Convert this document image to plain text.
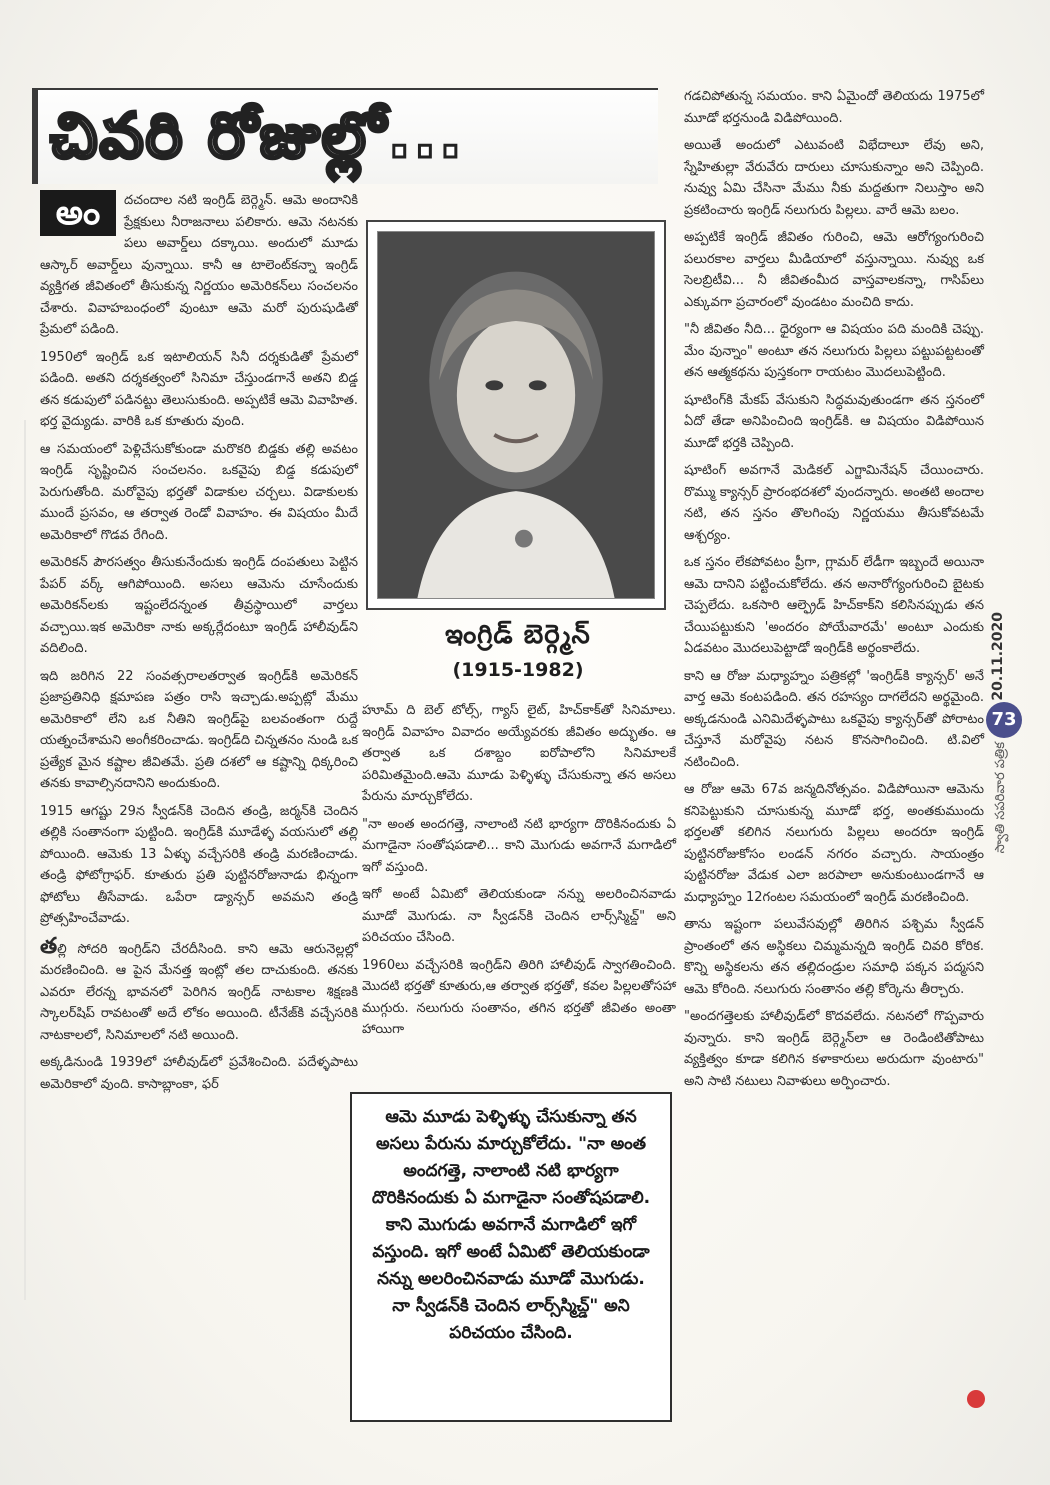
చివరి రోజుల్లో...

అం	దచందాల నటి ఇంగ్రిడ్ బెర్గ్మెన్. ఆమె అందానికి ప్రేక్షకులు నీరాజనాలు పలికారు. ఆమె నటనకు పలు అవార్డ్‌లు దక్కాయి. అందులో మూడు ఆస్కార్ అవార్డ్‌లు వున్నాయి. కానీ ఆ టాలెంట్‌కన్నా ఇంగ్రిడ్ వ్యక్తిగత జీవితంలో తీసుకున్న నిర్ణయం అమెరికన్‌లు సంచలనం చేశారు. వివాహబంధంలో వుంటూ ఆమె మరో పురుషుడితో ప్రేమలో పడింది.

1950లో ఇంగ్రిడ్ ఒక ఇటాలియన్ సినీ దర్శకుడితో ప్రేమలో పడింది. అతని దర్శకత్వంలో సినిమా చేస్తుండగానే అతని బిడ్డ తన కడుపులో పడినట్టు తెలుసుకుంది. అప్పటికే ఆమె వివాహిత. భర్త వైద్యుడు. వారికి ఒక కూతురు వుంది.

ఆ సమయంలో పెళ్లిచేసుకోకుండా మరొకరి బిడ్డకు తల్లి అవటం ఇంగ్రిడ్ సృష్టించిన సంచలనం. ఒకవైపు బిడ్డ కడుపులో పెరుగుతోంది. మరోవైపు భర్తతో విడాకుల చర్చలు. విడాకులకు ముందే ప్రసవం, ఆ తర్వాత రెండో వివాహం. ఈ విషయం మీదే అమెరికాలో గొడవ రేగింది.

అమెరికన్ పౌరసత్వం తీసుకునేందుకు ఇంగ్రిడ్ దంపతులు పెట్టిన పేపర్ వర్క్ ఆగిపోయింది. అసలు ఆమెను చూసేందుకు అమెరికన్‌లకు ఇష్టంలేదన్నంత తీవ్రస్థాయిలో వార్తలు వచ్చాయి.ఇక అమెరికా నాకు అక్కర్లేదంటూ ఇంగ్రిడ్ హాలీవుడ్‌ని వదిలింది.

ఇది జరిగిన 22 సంవత్సరాలతర్వాత ఇంగ్రిడ్‌కి అమెరికన్ ప్రజాప్రతినిధి క్షమాపణ పత్రం రాసి ఇచ్చాడు.అప్పట్లో మేము అమెరికాలో లేని ఒక నీతిని ఇంగ్రిడ్‌పై బలవంతంగా రుద్దే యత్నంచేశామని అంగీకరించాడు. ఇంగ్రిడ్‌ది చిన్నతనం నుండి ఒక ప్రత్యేక మైన కష్టాల జీవితమే. ప్రతి దశలో ఆ కష్టాన్ని ధిక్కరించి తనకు కావాల్సినదానిని అందుకుంది.

1915 ఆగష్టు 29న స్వీడన్‌కి చెందిన తండ్రి, జర్మన్‌కి చెందిన తల్లికి సంతానంగా పుట్టింది. ఇంగ్రిడ్‌కి మూడేళ్ళ వయసులో తల్లి పోయింది. ఆమెకు 13 ఏళ్ళు వచ్చేసరికి తండ్రి మరణించాడు. తండ్రి ఫోటోగ్రాఫర్. కూతురు ప్రతి పుట్టినరోజునాడు భిన్నంగా ఫోటోలు తీసేవాడు. ఒపేరా డ్యాన్సర్ అవమని తండ్రి ప్రోత్సహించేవాడు.

తల్లి సోదరి ఇంగ్రిడ్‌ని చేరదీసింది. కాని ఆమె ఆరునెల్లల్లో మరణించింది. ఆ పైన మేనత్త ఇంట్లో తల దాచుకుంది. తనకు ఎవరూ లేరన్న భావనలో పెరిగిన ఇంగ్రిడ్ నాటకాల శిక్షణకి స్కాలర్‌షిప్ రావటంతో అదే లోకం అయింది. టీనేజ్‌కి వచ్చేసరికి నాటకాలలో, సినిమాలలో నటి అయింది.

అక్కడినుండి 1939లో హాలీవుడ్‌లో ప్రవేశించింది. పదేళ్ళపాటు అమెరికాలో వుంది. కాసాబ్లాంకా, ఫర్

ఇంగ్రిడ్ బెర్గ్మెన్
(1915-1982)

హూమ్ ది బెల్ టోల్స్, గ్యాస్ లైట్, హిచ్‌కాక్‌తో సినిమాలు. ఇంగ్రిడ్ వివాహం వివాదం అయ్యేవరకు జీవితం అద్భుతం. ఆ తర్వాత ఒక దశాబ్దం ఐరోపాలోని సినిమాలకే పరిమితమైంది.ఆమె మూడు పెళ్ళిళ్ళు చేసుకున్నా తన అసలు పేరును మార్చుకోలేదు.

"నా అంత అందగత్తె, నాలాంటి నటి భార్యగా దొరికినందుకు ఏ మగాడైనా సంతోషపడాలి... కాని మొగుడు అవగానే మగాడిలో ఇగో వస్తుంది.

ఇగో అంటే ఏమిటో తెలియకుండా నన్ను అలరించినవాడు మూడో మొగుడు. నా స్వీడన్‌కి చెందిన లార్స్‌స్మిచ్డ్" అని పరిచయం చేసింది.

1960లు వచ్చేసరికి ఇంగ్రిడ్‌ని తిరిగి హాలీవుడ్ స్వాగతించింది. మొదటి భర్తతో కూతురు,ఆ తర్వాత భర్తతో, కవల పిల్లలతోసహా ముగ్గురు. నలుగురు సంతానం, తగిన భర్తతో జీవితం అంతా హాయిగా

ఆమె మూడు పెళ్ళిళ్ళు చేసుకున్నా తన అసలు పేరును మార్చుకోలేదు. "నా అంత అందగత్తె, నాలాంటి నటి భార్యగా దొరికినందుకు ఏ మగాడైనా సంతోషపడాలి. కాని మొగుడు అవగానే మగాడిలో ఇగో వస్తుంది. ఇగో అంటే ఏమిటో తెలియకుండా నన్ను అలరించినవాడు మూడో మొగుడు. నా స్వీడన్‌కి చెందిన లార్స్‌స్మిచ్డ్" అని పరిచయం చేసింది.

గడచిపోతున్న సమయం. కాని ఏమైందో తెలియదు 1975లో మూడో భర్తనుండి విడిపోయింది.

అయితే అందులో ఎటువంటి విభేదాలూ లేవు అని, స్నేహితుల్లా వేరువేరు దారులు చూసుకున్నాం అని చెప్పింది. నువ్వు ఏమి చేసినా మేము నీకు మద్దతుగా నిలుస్తాం అని ప్రకటించారు ఇంగ్రిడ్ నలుగురు పిల్లలు. వారే ఆమె బలం.

అప్పటికే ఇంగ్రిడ్ జీవితం గురించి, ఆమె ఆరోగ్యంగురించి పలురకాల వార్తలు మీడియాలో వస్తున్నాయి. నువ్వు ఒక సెలబ్రిటీవి... నీ జీవితంమీద వాస్తవాలకన్నా, గాసిప్‌లు ఎక్కువగా ప్రచారంలో వుండటం మంచిది కాదు.

"నీ జీవితం నీది... ధైర్యంగా ఆ విషయం పది మందికి చెప్పు. మేం వున్నాం" అంటూ తన నలుగురు పిల్లలు పట్టుపట్టటంతో తన ఆత్మకథను పుస్తకంగా రాయటం మొదలుపెట్టింది.

షూటింగ్‌కి మేకప్ వేసుకుని సిద్ధమవుతుండగా తన స్తనంలో ఏదో తేడా అనిపించింది ఇంగ్రిడ్‌కి. ఆ విషయం విడిపోయిన మూడో భర్తకి చెప్పింది.

షూటింగ్ అవగానే మెడికల్ ఎగ్జామినేషన్ చేయించారు. రొమ్ము క్యాన్సర్ ప్రారంభదశలో వుందన్నారు. అంతటి అందాల నటి, తన స్తనం తొలగింపు నిర్ణయము తీసుకోవటమే ఆశ్చర్యం.

ఒక స్తనం లేకపోవటం ప్రీగా, గ్లామర్ లేడీగా ఇబ్బందే అయినా ఆమె దానిని పట్టించుకోలేదు. తన అనారోగ్యంగురించి బైటకు చెప్పలేదు. ఒకసారి ఆల్ఫ్రెడ్ హిచ్‌కాక్‌ని కలిసినప్పుడు తన చేయిపట్టుకుని 'అందరం పోయేవారమే' అంటూ ఎందుకు ఏడవటం మొదలుపెట్టాడో ఇంగ్రిడ్‌కి అర్థంకాలేదు.

కాని ఆ రోజు మధ్యాహ్నం పత్రికల్లో 'ఇంగ్రిడ్‌కి క్యాన్సర్' అనే వార్త ఆమె కంటపడింది. తన రహస్యం దాగలేదని అర్థమైంది. అక్కడనుండి ఎనిమిదేళ్ళపాటు ఒకవైపు క్యాన్సర్‌తో పోరాటం చేస్తూనే మరోవైపు నటన కొనసాగించింది. టి.విలో నటించింది.

ఆ రోజు ఆమె 67వ జన్మదినోత్సవం. విడిపోయినా ఆమెను కనిపెట్టుకుని చూసుకున్న మూడో భర్త, అంతకుముందు భర్తలతో కలిగిన నలుగురు పిల్లలు అందరూ ఇంగ్రిడ్ పుట్టినరోజుకోసం లండన్ నగరం వచ్చారు. సాయంత్రం పుట్టినరోజు వేడుక ఎలా జరపాలా అనుకుంటుండగానే ఆ మధ్యాహ్నం 12గంటల సమయంలో ఇంగ్రిడ్ మరణించింది.

తాను ఇష్టంగా పలువేసవుల్లో తిరిగిన పశ్చిమ స్వీడన్ ప్రాంతంలో తన అస్థికలు చిమ్మమన్నది ఇంగ్రిడ్ చివరి కోరిక. కొన్ని అస్థికలను తన తల్లిదండ్రుల సమాధి పక్కన పద్మసని ఆమె కోరింది. నలుగురు సంతానం తల్లి కోర్కెను తీర్చారు.

"అందగత్తెలకు హాలీవుడ్‌లో కొదవలేదు. నటనలో గొప్పవారు వున్నారు. కాని ఇంగ్రిడ్ బెర్గ్మెన్‌లా ఆ రెండింటితోపాటు వ్యక్తిత్వం కూడా కలిగిన కళాకారులు అరుదుగా వుంటారు" అని సాటి నటులు నివాళులు అర్పించారు.

20.11.2020
73
స్వాతి సపరివార పత్రిక
